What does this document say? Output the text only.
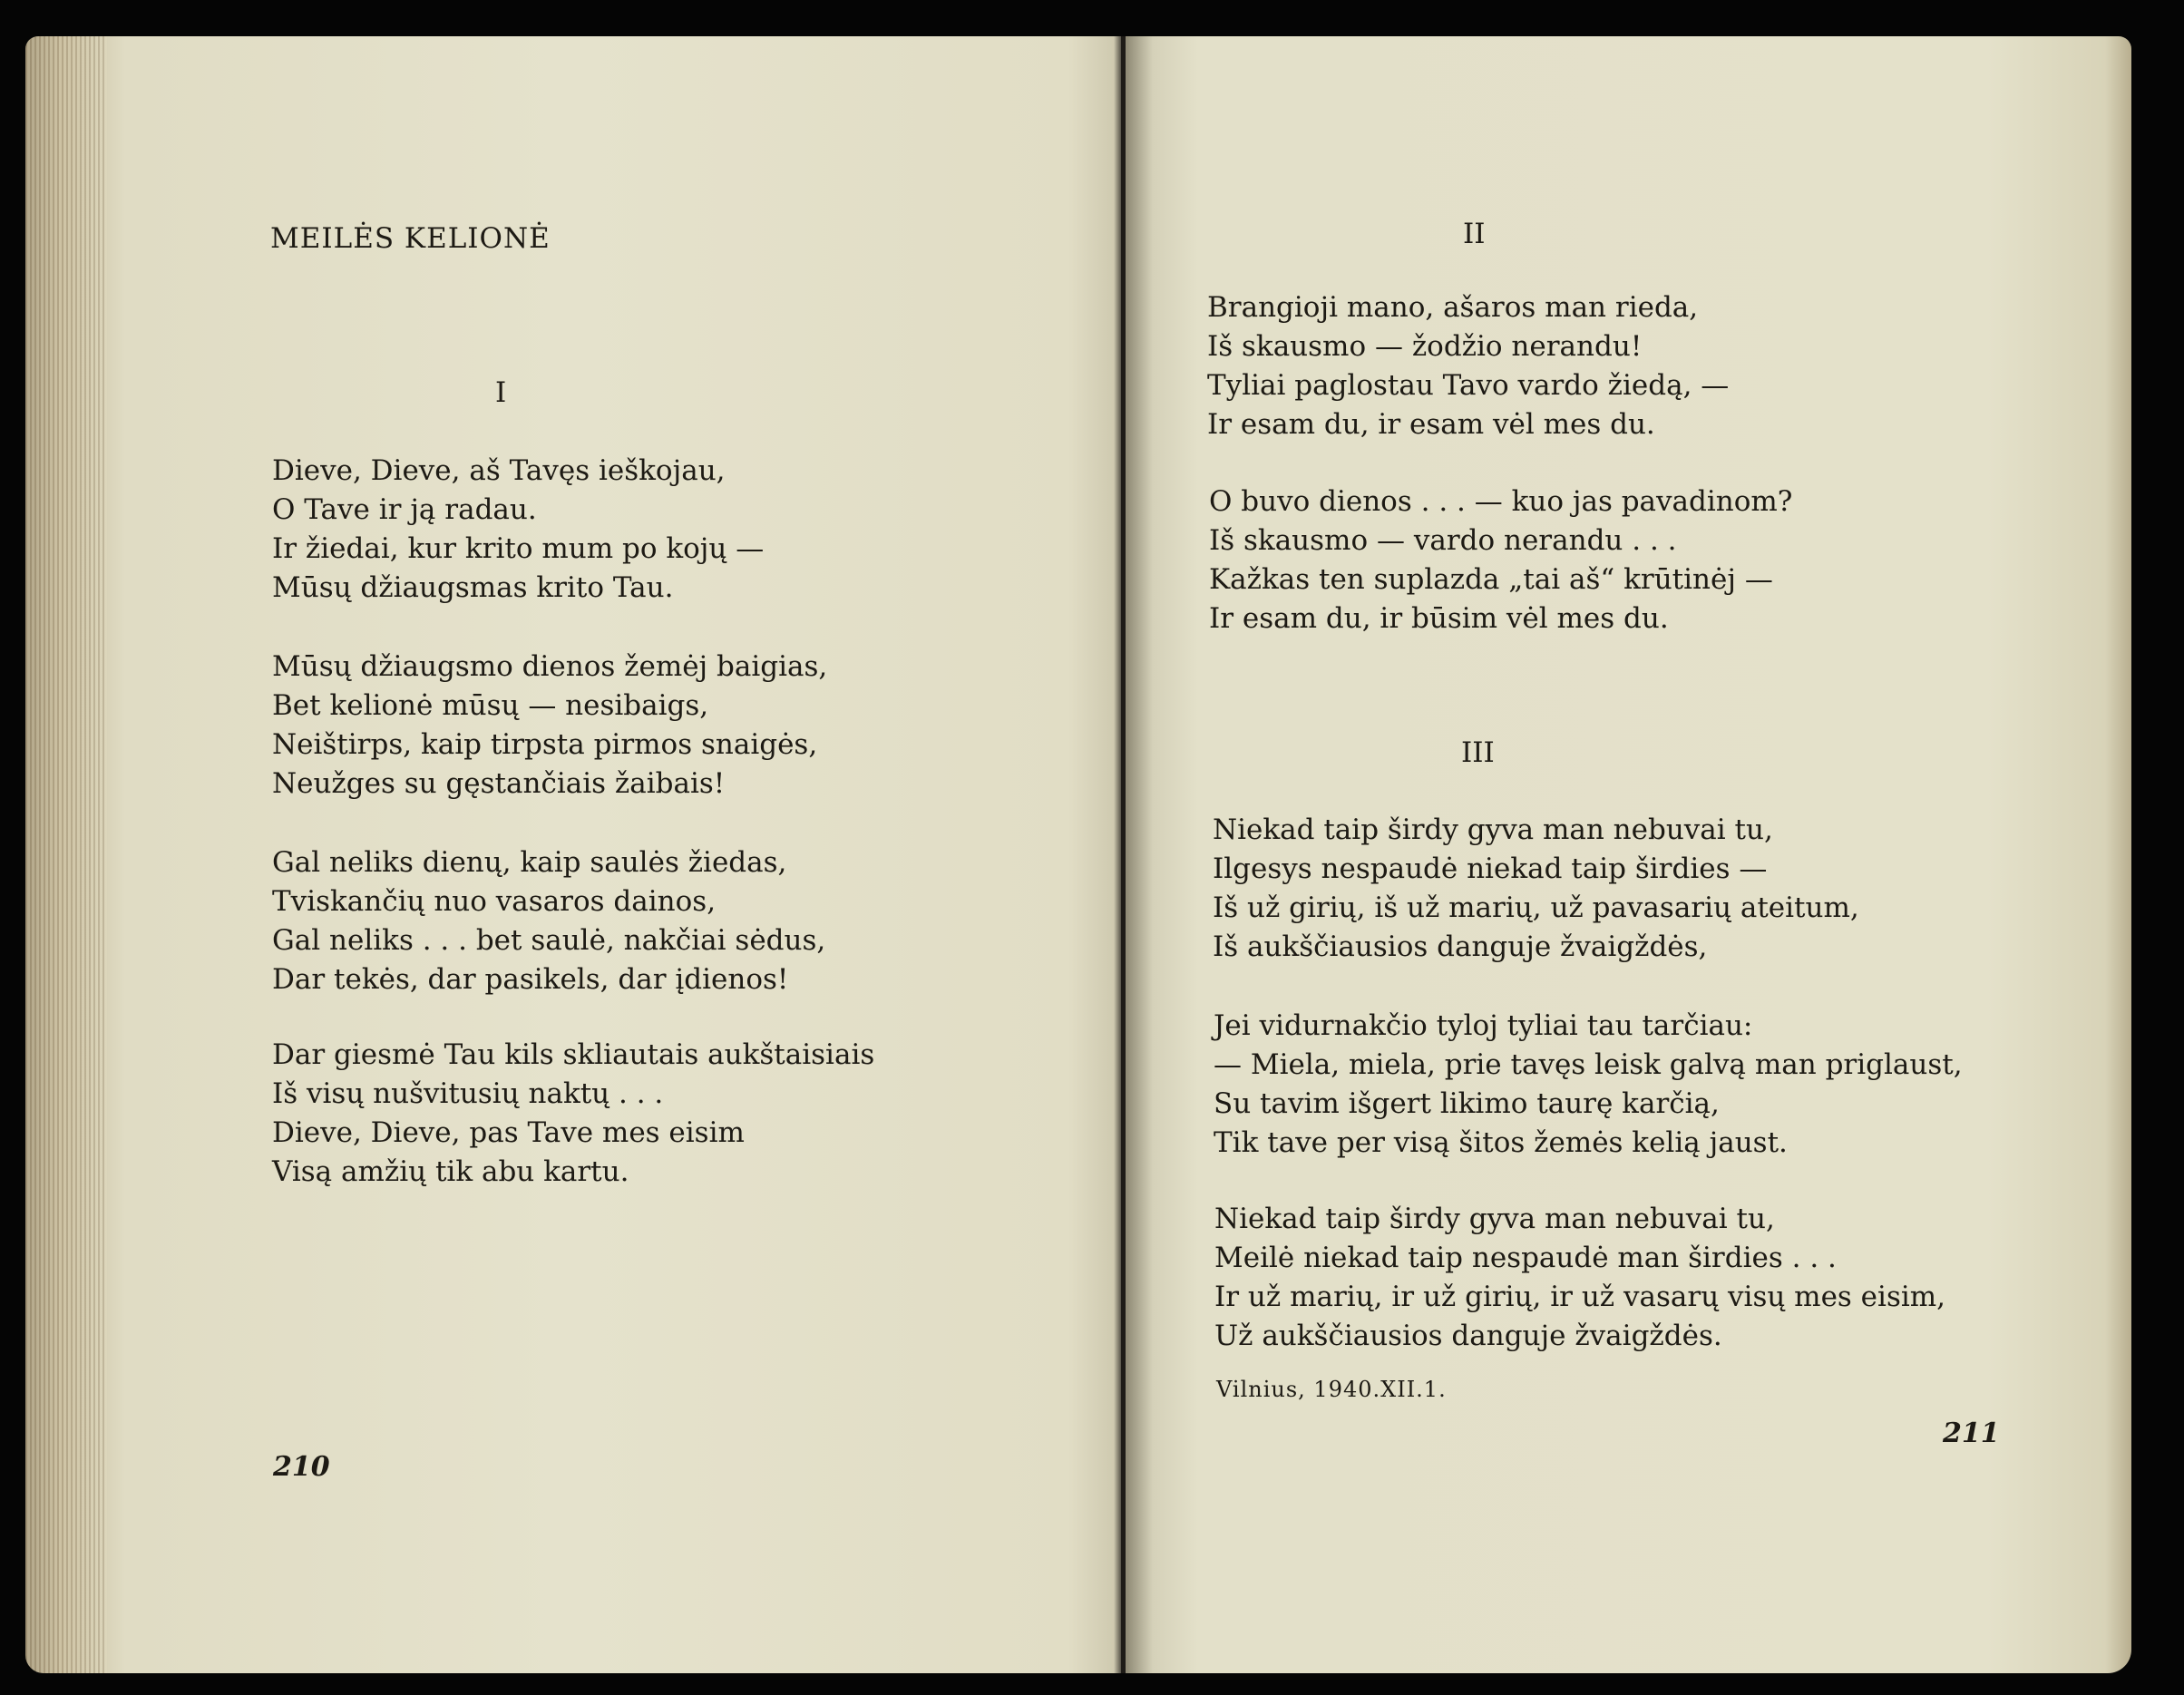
MEILĖS KELIONĖ
I
Dieve, Dieve, aš Tavęs ieškojau,
O Tave ir ją radau.
Ir žiedai, kur krito mum po kojų —
Mūsų džiaugsmas krito Tau.
Mūsų džiaugsmo dienos žemėj baigias,
Bet kelionė mūsų — nesibaigs,
Neištirps, kaip tirpsta pirmos snaigės,
Neužges su gęstančiais žaibais!
Gal neliks dienų, kaip saulės žiedas,
Tviskančių nuo vasaros dainos,
Gal neliks . . . bet saulė, nakčiai sėdus,
Dar tekės, dar pasikels, dar įdienos!
Dar giesmė Tau kils skliautais aukštaisiais
Iš visų nušvitusių naktų . . .
Dieve, Dieve, pas Tave mes eisim
Visą amžių tik abu kartu.
210
II
Brangioji mano, ašaros man rieda,
Iš skausmo — žodžio nerandu!
Tyliai paglostau Tavo vardo žiedą, —
Ir esam du, ir esam vėl mes du.
O buvo dienos . . . — kuo jas pavadinom?
Iš skausmo — vardo nerandu . . .
Kažkas ten suplazda „tai aš“ krūtinėj —
Ir esam du, ir būsim vėl mes du.
III
Niekad taip širdy gyva man nebuvai tu,
Ilgesys nespaudė niekad taip širdies —
Iš už girių, iš už marių, už pavasarių ateitum,
Iš aukščiausios danguje žvaigždės,
Jei vidurnakčio tyloj tyliai tau tarčiau:
— Miela, miela, prie tavęs leisk galvą man priglaust,
Su tavim išgert likimo taurę karčią,
Tik tave per visą šitos žemės kelią jaust.
Niekad taip širdy gyva man nebuvai tu,
Meilė niekad taip nespaudė man širdies . . .
Ir už marių, ir už girių, ir už vasarų visų mes eisim,
Už aukščiausios danguje žvaigždės.
Vilnius, 1940.XII.1.
211
